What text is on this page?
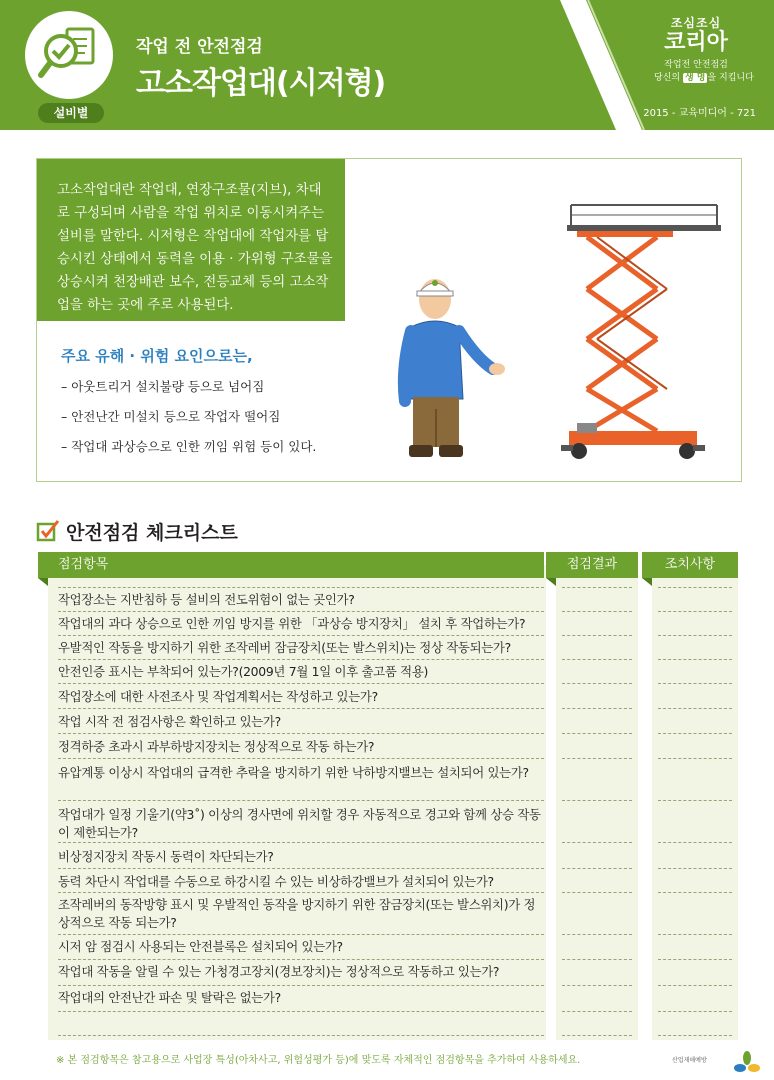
설비별
작업 전 안전점검
고소작업대(시저형)
조심조심
코리아
작업전 안전점검
당신의 생 명 을 지킵니다
2015 - 교육미디어 - 721
고소작업대란 작업대, 연장구조물(지브), 차대로 구성되며 사람을 작업 위치로 이동시켜주는 설비를 말한다. 시저형은 작업대에 작업자를 탑승시킨 상태에서 동력을 이용 · 가위형 구조물을 상승시켜 천장배관 보수, 전등교체 등의 고소작업을 하는 곳에 주로 사용된다.
주요 유해 · 위험 요인으로는,
– 아웃트리거 설치불량 등으로 넘어짐
– 안전난간 미설치 등으로 작업자 떨어짐
– 작업대 과상승으로 인한 끼임 위험 등이 있다.
안전점검 체크리스트
점검항목	점검결과	조치사항
작업장소는 지반침하 등 설비의 전도위험이 없는 곳인가?
작업대의 과다 상승으로 인한 끼임 방지를 위한 「과상승 방지장치」 설치 후 작업하는가?
우발적인 작동을 방지하기 위한 조작레버 잠금장치(또는 발스위치)는 정상 작동되는가?
안전인증 표시는 부착되어 있는가?(2009년 7월 1일 이후 출고품 적용)
작업장소에 대한 사전조사 및 작업계획서는 작성하고 있는가?
작업 시작 전 점검사항은 확인하고 있는가?
정격하중 초과시 과부하방지장치는 정상적으로 작동 하는가?
유압계통 이상시 작업대의 급격한 추락을 방지하기 위한 낙하방지밸브는 설치되어 있는가?
작업대가 일정 기울기(약3˚) 이상의 경사면에 위치할 경우 자동적으로 경고와 함께 상승 작동이 제한되는가?
비상정지장치 작동시 동력이 차단되는가?
동력 차단시 작업대를 수동으로 하강시킬 수 있는 비상하강밸브가 설치되어 있는가?
조작레버의 동작방향 표시 및 우발적인 동작을 방지하기 위한 잠금장치(또는 발스위치)가 정상적으로 작동 되는가?
시저 암 점검시 사용되는 안전블록은 설치되어 있는가?
작업대 작동을 알릴 수 있는 가청경고장치(경보장치)는 정상적으로 작동하고 있는가?
작업대의 안전난간 파손 및 탈락은 없는가?
※ 본 점검항목은 참고용으로 사업장 특성(아차사고, 위험성평가 등)에 맞도록 자체적인 점검항목을 추가하여 사용하세요.	산업재해예방
